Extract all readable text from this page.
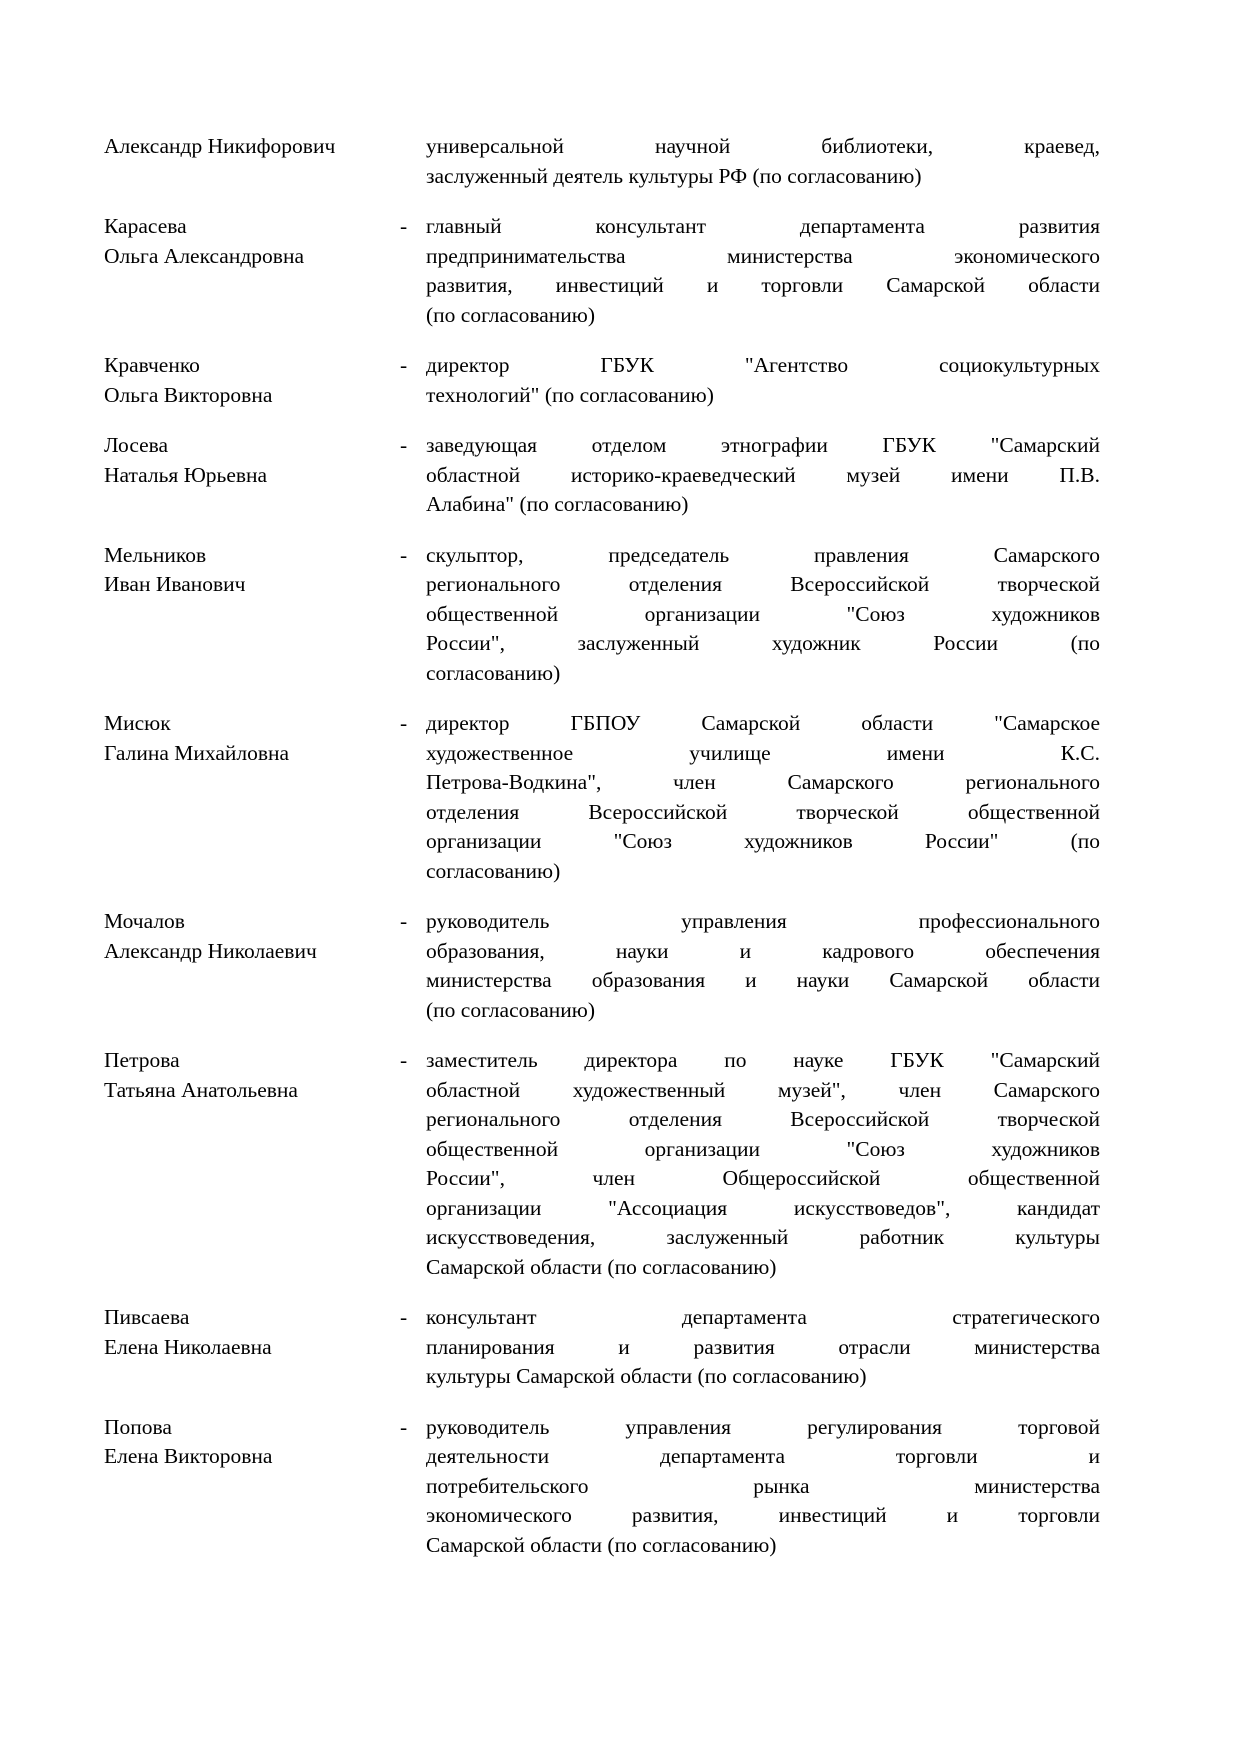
Александр Никифорович	универсальной    научной    библиотеки,    краевед,
заслуженный деятель культуры РФ (по согласованию)
Карасева
Ольга Александровна
- главный      консультант      департамента      развития
предпринимательства  министерства  экономического
развития, инвестиций и торговли Самарской области
(по согласованию)
Кравченко
Ольга Викторовна
- директор     ГБУК     "Агентство     социокультурных
технологий" (по согласованию)
Лосева
Наталья Юрьевна
- заведующая  отделом  этнографии  ГБУК  "Самарский
областной историко-краеведческий музей имени П.В.
Алабина" (по согласованию)
Мельников
Иван Иванович
- скульптор,    председатель    правления    Самарского
регионального отделения Всероссийской творческой
общественной        организации        "Союз        художников
России",      заслуженный      художник      России      (по
согласованию)
Мисюк
Галина Михайловна
- директор  ГБПОУ  Самарской  области  "Самарское
художественное          училище          имени          К.С.
Петрова-Водкина", член Самарского регионального
отделения Всероссийской творческой общественной
организации      "Союз      художников      России"      (по
согласованию)
Мочалов
Александр Николаевич
- руководитель       управления       профессионального
образования,     науки     и     кадрового     обеспечения
министерства образования и науки Самарской области
(по согласованию)
Петрова
Татьяна Анатольевна
- заместитель  директора  по  науке  ГБУК  "Самарский
областной художественный музей", член Самарского
регионального  отделения  Всероссийской  творческой
общественной         организации         "Союз         художников
России",      член      Общероссийской      общественной
организации "Ассоциация искусствоведов", кандидат
искусствоведения, заслуженный работник культуры
Самарской области (по согласованию)
Пивсаева
Елена Николаевна
- консультант          департамента          стратегического
планирования  и  развития  отрасли  министерства
культуры Самарской области (по согласованию)
Попова
Елена Викторовна
- руководитель  управления  регулирования  торговой
деятельности         департамента         торговли         и
потребительского         рынка         министерства
экономического  развития,  инвестиций  и  торговли
Самарской области (по согласованию)
